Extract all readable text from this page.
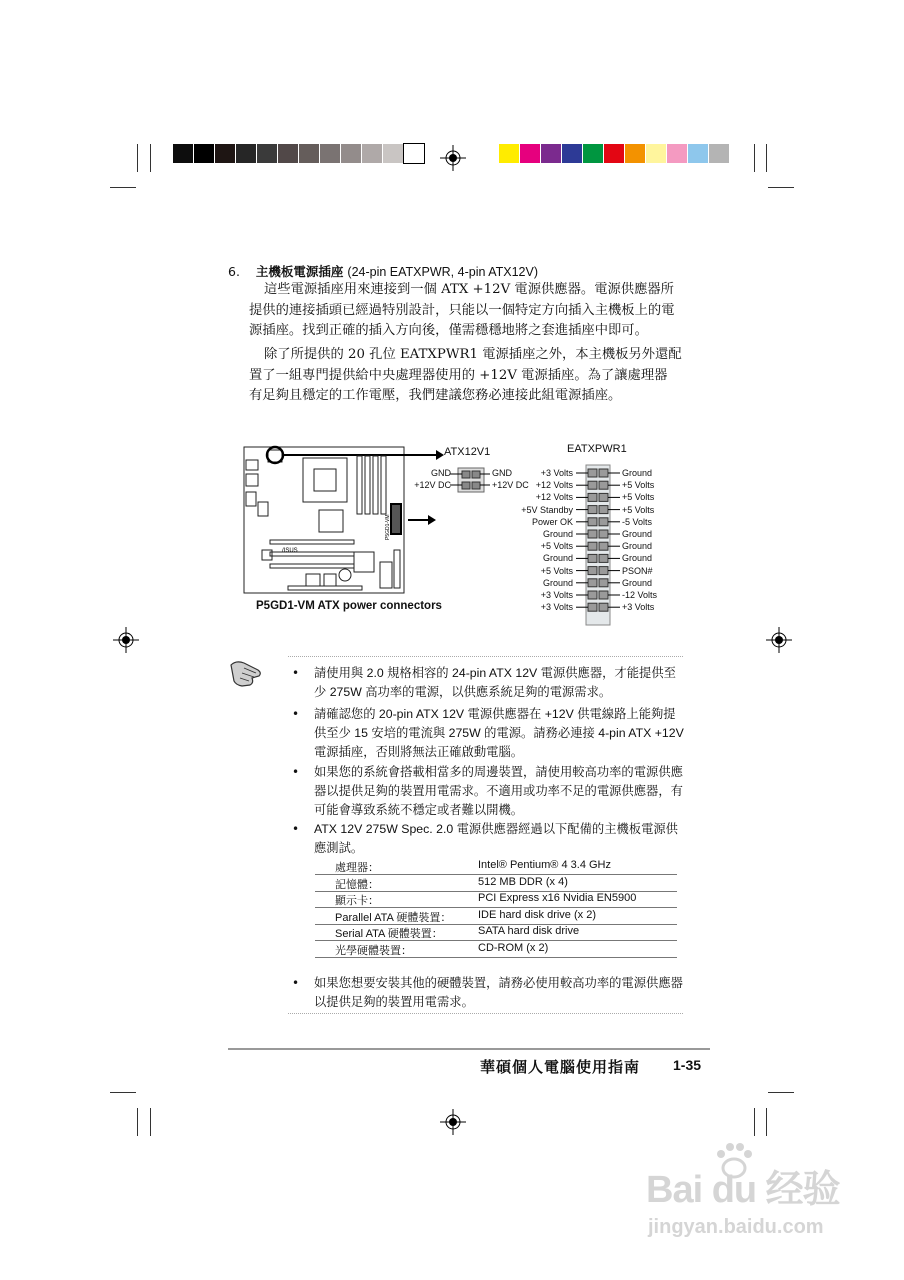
6. 主機板電源插座 (24-pin EATXPWR, 4-pin ATX12V)
這些電源插座用來連接到一個 ATX +12V 電源供應器。電源供應器所
提供的連接插頭已經過特別設計，只能以一個特定方向插入主機板上的電
源插座。找到正確的插入方向後，僅需穩穩地將之套進插座中即可。
除了所提供的 20 孔位 EATXPWR1 電源插座之外，本主機板另外還配
置了一組專門提供給中央處理器使用的 +12V 電源插座。為了讓處理器
有足夠且穩定的工作電壓，我們建議您務必連接此組電源插座。
ATX12V1	EATXPWR1
/ISUS
P5GD1-VM
GND
+12V DC
GND
+12V DC
+3 Volts
+12 Volts
+12 Volts
+5V Standby
Power OK
Ground
+5 Volts
Ground
+5 Volts
Ground
+3 Volts
+3 Volts
Ground
+5 Volts
+5 Volts
+5 Volts
-5 Volts
Ground
Ground
Ground
PSON#
Ground
-12 Volts
+3 Volts
P5GD1-VM ATX power connectors
• 請使用與 2.0 規格相容的 24-pin ATX 12V 電源供應器，才能提供至
少 275W 高功率的電源，以供應系統足夠的電源需求。
• 請確認您的 20-pin ATX 12V 電源供應器在 +12V 供電線路上能夠提
供至少 15 安培的電流與 275W 的電源。請務必連接 4-pin ATX +12V
電源插座，否則將無法正確啟動電腦。
• 如果您的系統會搭載相當多的周邊裝置，請使用較高功率的電源供應
器以提供足夠的裝置用電需求。不適用或功率不足的電源供應器，有
可能會導致系統不穩定或者難以開機。
• ATX 12V 275W Spec. 2.0 電源供應器經過以下配備的主機板電源供
應測試。
處理器：	Intel® Pentium® 4 3.4 GHz
記憶體：	512 MB DDR (x 4)
顯示卡：	PCI Express x16 Nvidia EN5900
Parallel ATA 硬體裝置： IDE hard disk drive (x 2)
Serial ATA 硬體裝置：	SATA hard disk drive
光學硬體裝置：	CD-ROM (x 2)
• 如果您想要安裝其他的硬體裝置，請務必使用較高功率的電源供應器
以提供足夠的裝置用電需求。
華碩個人電腦使用指南 1-35
Bai du 经验
jingyan.baidu.com
